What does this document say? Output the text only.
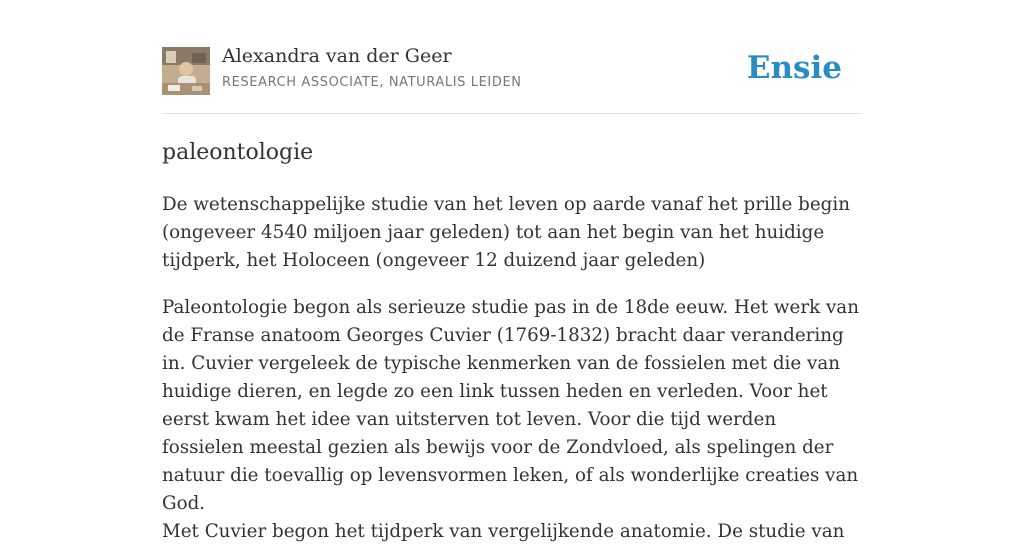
Alexandra van der Geer
RESEARCH ASSOCIATE, NATURALIS LEIDEN	Ensie
paleontologie

De wetenschappelijke studie van het leven op aarde vanaf het prille begin (ongeveer 4540 miljoen jaar geleden) tot aan het begin van het huidige tijdperk, het Holoceen (ongeveer 12 duizend jaar geleden)

Paleontologie begon als serieuze studie pas in de 18de eeuw. Het werk van de Franse anatoom Georges Cuvier (1769-1832) bracht daar verandering in. Cuvier vergeleek de typische kenmerken van de fossielen met die van huidige dieren, en legde zo een link tussen heden en verleden. Voor het eerst kwam het idee van uitsterven tot leven. Voor die tijd werden fossielen meestal gezien als bewijs voor de Zondvloed, als spelingen der natuur die toevallig op levensvormen leken, of als wonderlijke creaties van God.

Met Cuvier begon het tijdperk van vergelijkende anatomie. De studie van
